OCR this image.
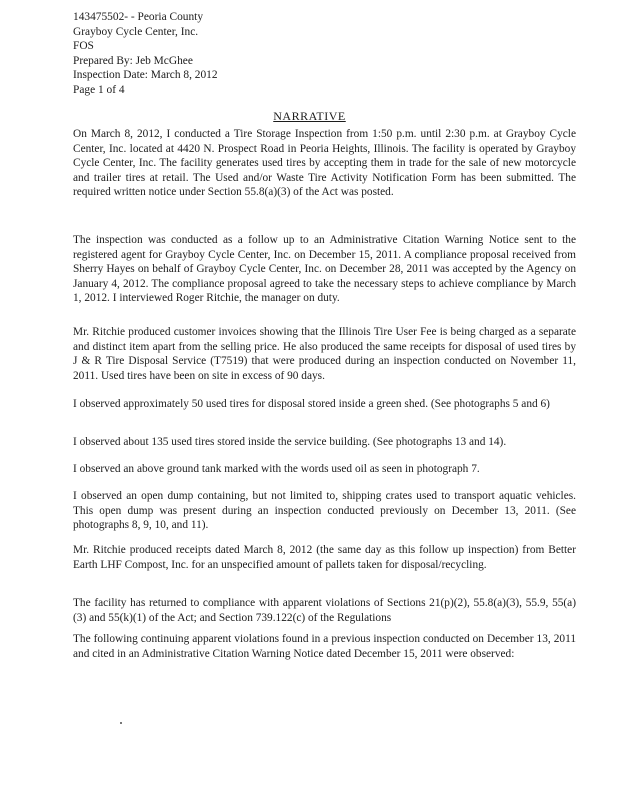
143475502‑ ‑ Peoria County
Grayboy Cycle Center, Inc.
FOS
Prepared By: Jeb McGhee
Inspection Date: March 8, 2012
Page 1 of 4
NARRATIVE

On March 8, 2012, I conducted a Tire Storage Inspection from 1:50 p.m. until 2:30 p.m. at Grayboy Cycle Center, Inc. located at 4420 N. Prospect Road in Peoria Heights, Illinois. The facility is operated by Grayboy Cycle Center, Inc. The facility generates used tires by accepting them in trade for the sale of new motorcycle and trailer tires at retail. The Used and/or Waste Tire Activity Notification Form has been submitted. The required written notice under Section 55.8(a)(3) of the Act was posted.

The inspection was conducted as a follow up to an Administrative Citation Warning Notice sent to the registered agent for Grayboy Cycle Center, Inc. on December 15, 2011. A compliance proposal received from Sherry Hayes on behalf of Grayboy Cycle Center, Inc. on December 28, 2011 was accepted by the Agency on January 4, 2012. The compliance proposal agreed to take the necessary steps to achieve compliance by March 1, 2012. I interviewed Roger Ritchie, the manager on duty.

Mr. Ritchie produced customer invoices showing that the Illinois Tire User Fee is being charged as a separate and distinct item apart from the selling price. He also produced the same receipts for disposal of used tires by J & R Tire Disposal Service (T7519) that were produced during an inspection conducted on November 11, 2011. Used tires have been on site in excess of 90 days.

I observed approximately 50 used tires for disposal stored inside a green shed. (See photographs 5 and 6)

I observed about 135 used tires stored inside the service building. (See photographs 13 and 14).

I observed an above ground tank marked with the words used oil as seen in photograph 7.

I observed an open dump containing, but not limited to, shipping crates used to transport aquatic vehicles. This open dump was present during an inspection conducted previously on December 13, 2011. (See photographs 8, 9, 10, and 11).

Mr. Ritchie produced receipts dated March 8, 2012 (the same day as this follow up inspection) from Better Earth LHF Compost, Inc. for an unspecified amount of pallets taken for disposal/recycling.

The facility has returned to compliance with apparent violations of Sections 21(p)(2), 55.8(a)(3), 55.9, 55(a)(3) and 55(k)(1) of the Act; and Section 739.122(c) of the Regulations

The following continuing apparent violations found in a previous inspection conducted on December 13, 2011 and cited in an Administrative Citation Warning Notice dated December 15, 2011 were observed:
